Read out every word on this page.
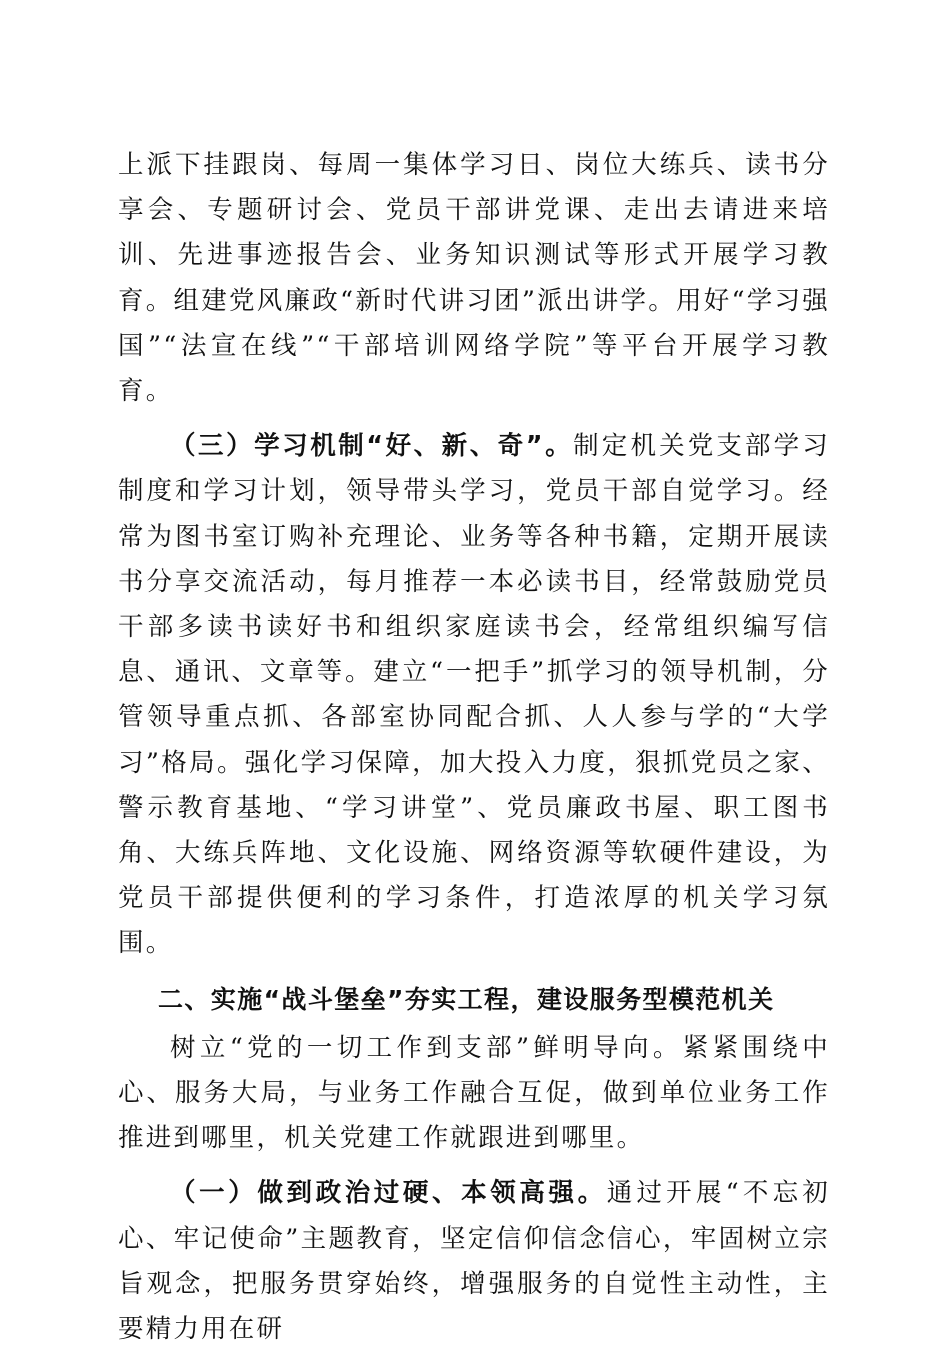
上派下挂跟岗、每周一集体学习日、岗位大练兵、读书分享会、专题研讨会、党员干部讲党课、走出去请进来培训、先进事迹报告会、业务知识测试等形式开展学习教育。组建党风廉政“新时代讲习团”派出讲学。用好“学习强国”“法宣在线”“干部培训网络学院”等平台开展学习教育。

（三）学习机制“好、新、奇”。制定机关党支部学习制度和学习计划，领导带头学习，党员干部自觉学习。经常为图书室订购补充理论、业务等各种书籍，定期开展读书分享交流活动，每月推荐一本必读书目，经常鼓励党员干部多读书读好书和组织家庭读书会，经常组织编写信息、通讯、文章等。建立“一把手”抓学习的领导机制，分管领导重点抓、各部室协同配合抓、人人参与学的“大学习”格局。强化学习保障，加大投入力度，狠抓党员之家、警示教育基地、“学习讲堂”、党员廉政书屋、职工图书角、大练兵阵地、文化设施、网络资源等软硬件建设，为党员干部提供便利的学习条件，打造浓厚的机关学习氛围。

二、实施“战斗堡垒”夯实工程，建设服务型模范机关

树立“党的一切工作到支部”鲜明导向。紧紧围绕中心、服务大局，与业务工作融合互促，做到单位业务工作推进到哪里，机关党建工作就跟进到哪里。

（一）做到政治过硬、本领高强。通过开展“不忘初心、牢记使命”主题教育，坚定信仰信念信心，牢固树立宗旨观念，把服务贯穿始终，增强服务的自觉性主动性，主要精力用在研
